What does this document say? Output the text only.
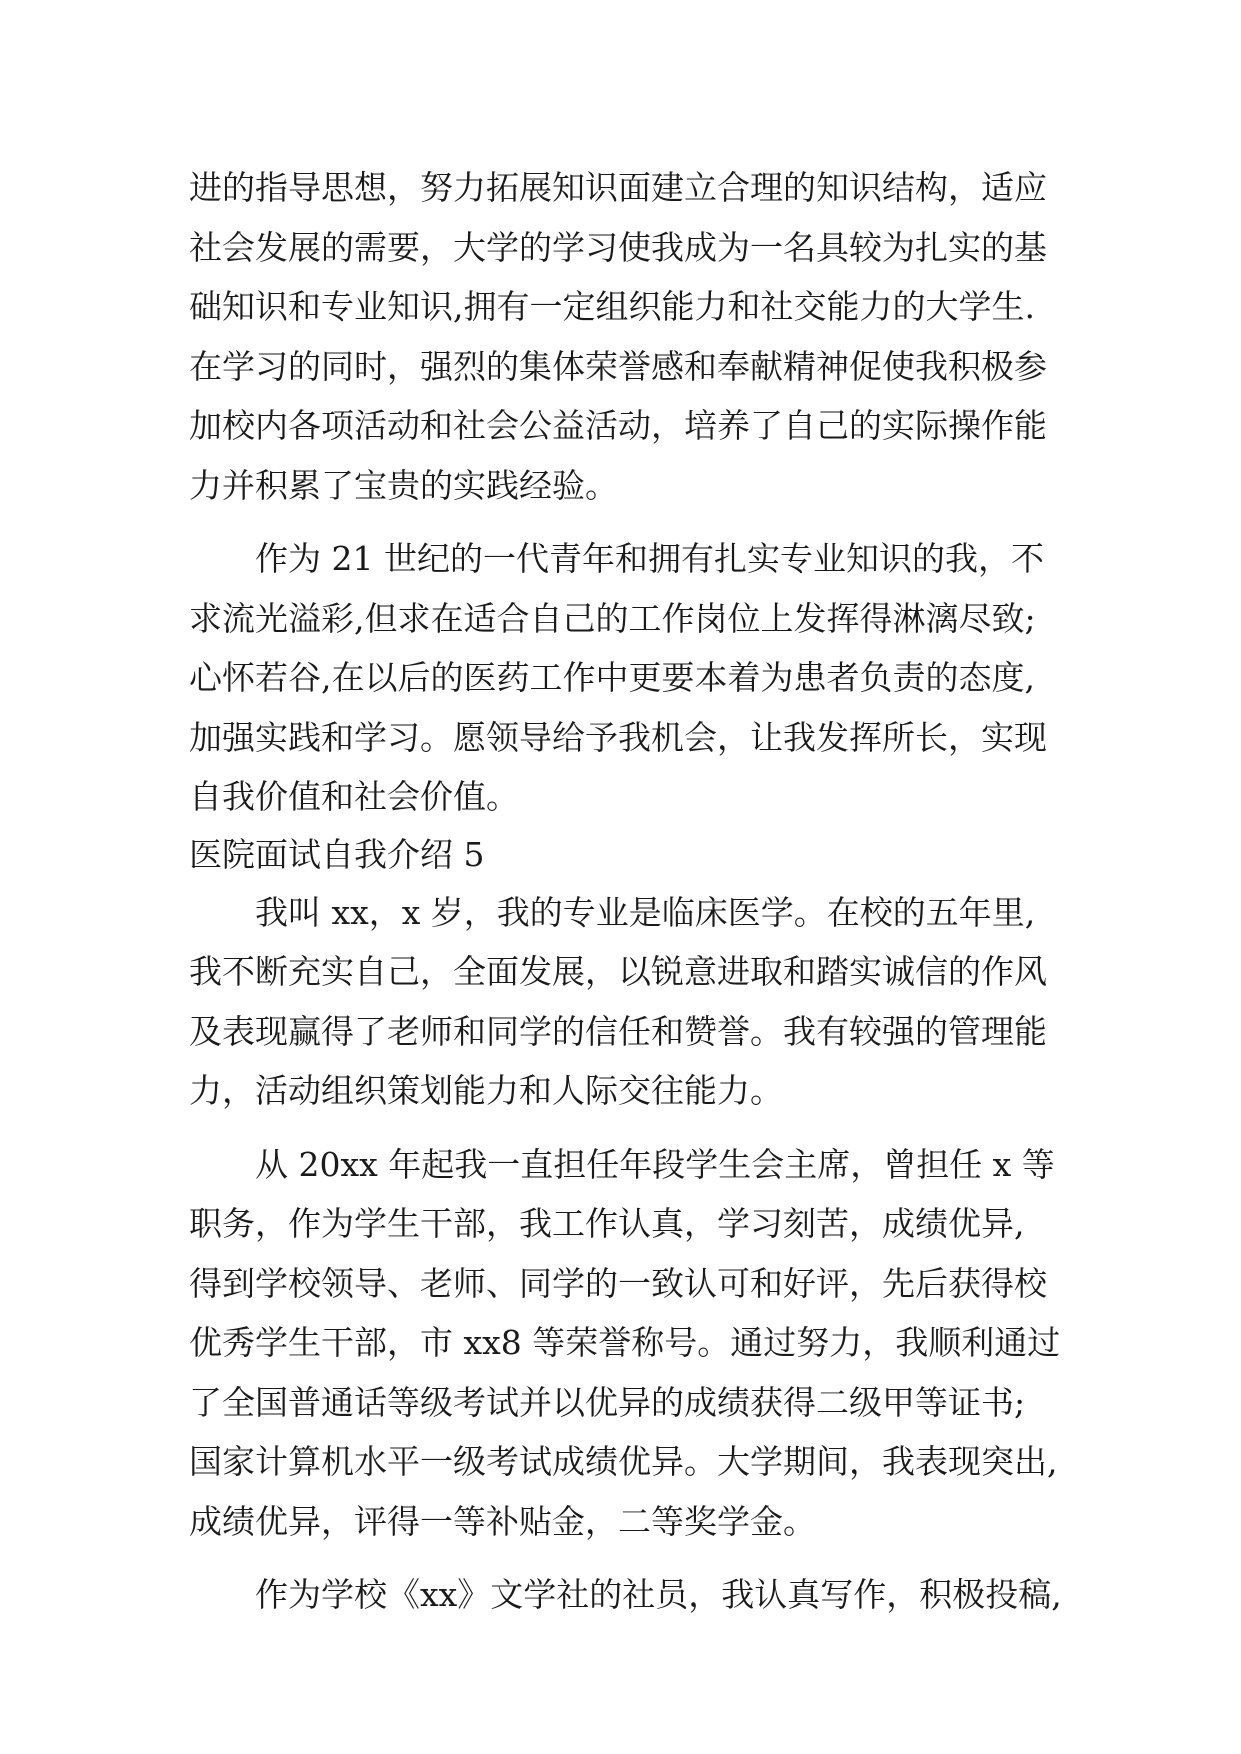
进的指导思想，努力拓展知识面建立合理的知识结构，适应
社会发展的需要，大学的学习使我成为一名具较为扎实的基
础知识和专业知识,拥有一定组织能力和社交能力的大学生.
在学习的同时，强烈的集体荣誉感和奉献精神促使我积极参
加校内各项活动和社会公益活动，培养了自己的实际操作能
力并积累了宝贵的实践经验。
作为 21 世纪的一代青年和拥有扎实专业知识的我，不
求流光溢彩,但求在适合自己的工作岗位上发挥得淋漓尽致;
心怀若谷,在以后的医药工作中更要本着为患者负责的态度,
加强实践和学习。愿领导给予我机会，让我发挥所长，实现
自我价值和社会价值。
医院面试自我介绍 5
我叫 xx，x 岁，我的专业是临床医学。在校的五年里,
我不断充实自己，全面发展，以锐意进取和踏实诚信的作风
及表现赢得了老师和同学的信任和赞誉。我有较强的管理能
力，活动组织策划能力和人际交往能力。
从 20xx 年起我一直担任年段学生会主席，曾担任 x 等
职务，作为学生干部，我工作认真，学习刻苦，成绩优异,
得到学校领导、老师、同学的一致认可和好评，先后获得校
优秀学生干部，市 xx8 等荣誉称号。通过努力，我顺利通过
了全国普通话等级考试并以优异的成绩获得二级甲等证书;
国家计算机水平一级考试成绩优异。大学期间，我表现突出,
成绩优异，评得一等补贴金，二等奖学金。
作为学校《xx》文学社的社员，我认真写作，积极投稿,
